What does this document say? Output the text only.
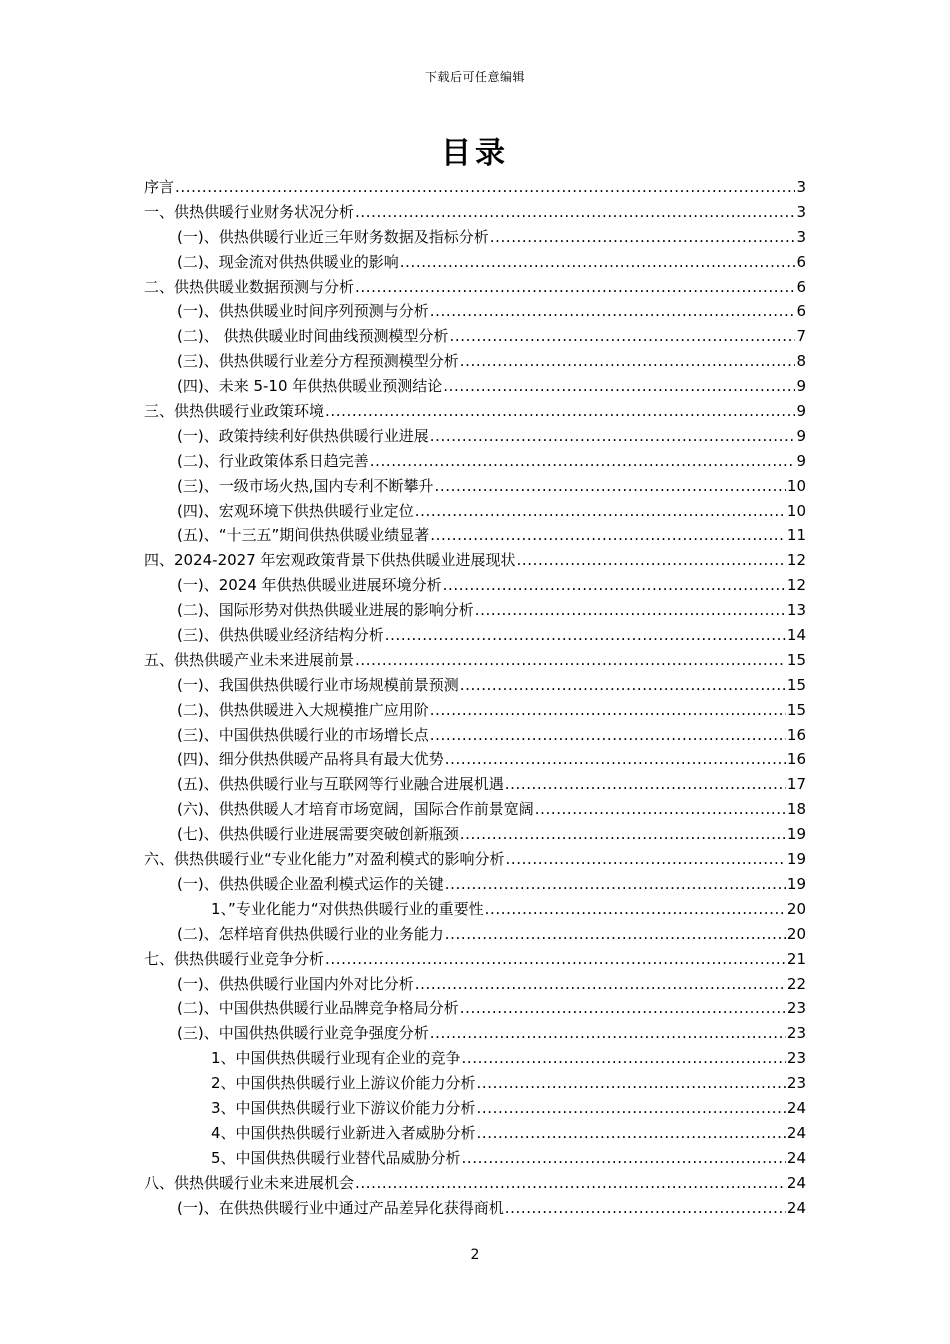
下载后可任意编辑
目录
序言 .....	3
一、供热供暖行业财务状况分析 .....	3
(一)、供热供暖行业近三年财务数据及指标分析 .....	3
(二)、现金流对供热供暖业的影响 .....	6
二、供热供暖业数据预测与分析 .....	6
(一)、供热供暖业时间序列预测与分析 .....	6
(二)、 供热供暖业时间曲线预测模型分析 .....	7
(三)、供热供暖行业差分方程预测模型分析 .....	8
(四)、未来 5-10 年供热供暖业预测结论 .....	9
三、供热供暖行业政策环境 .....	9
(一)、政策持续利好供热供暖行业进展 .....	9
(二)、行业政策体系日趋完善 .....	9
(三)、一级市场火热,国内专利不断攀升 .....	10
(四)、宏观环境下供热供暖行业定位 .....	10
(五)、“十三五”期间供热供暖业绩显著 .....	11
四、2024-2027 年宏观政策背景下供热供暖业进展现状 .....	12
(一)、2024 年供热供暖业进展环境分析 .....	12
(二)、国际形势对供热供暖业进展的影响分析 .....	13
(三)、供热供暖业经济结构分析 .....	14
五、供热供暖产业未来进展前景 .....	15
(一)、我国供热供暖行业市场规模前景预测 .....	15
(二)、供热供暖进入大规模推广应用阶 .....	15
(三)、中国供热供暖行业的市场增长点 .....	16
(四)、细分供热供暖产品将具有最大优势 .....	16
(五)、供热供暖行业与互联网等行业融合进展机遇 .....	17
(六)、供热供暖人才培育市场宽阔，国际合作前景宽阔 .....	18
(七)、供热供暖行业进展需要突破创新瓶颈 .....	19
六、供热供暖行业“专业化能力”对盈利模式的影响分析 .....	19
(一)、供热供暖企业盈利模式运作的关键 .....	19
1、”专业化能力“对供热供暖行业的重要性 .....	20
(二)、怎样培育供热供暖行业的业务能力 .....	20
七、供热供暖行业竞争分析 .....	21
(一)、供热供暖行业国内外对比分析 .....	22
(二)、中国供热供暖行业品牌竞争格局分析 .....	23
(三)、中国供热供暖行业竞争强度分析 .....	23
1、中国供热供暖行业现有企业的竞争 .....	23
2、中国供热供暖行业上游议价能力分析 .....	23
3、中国供热供暖行业下游议价能力分析 .....	24
4、中国供热供暖行业新进入者威胁分析 .....	24
5、中国供热供暖行业替代品威胁分析 .....	24
八、供热供暖行业未来进展机会 .....	24
(一)、在供热供暖行业中通过产品差异化获得商机 .....	24
2
